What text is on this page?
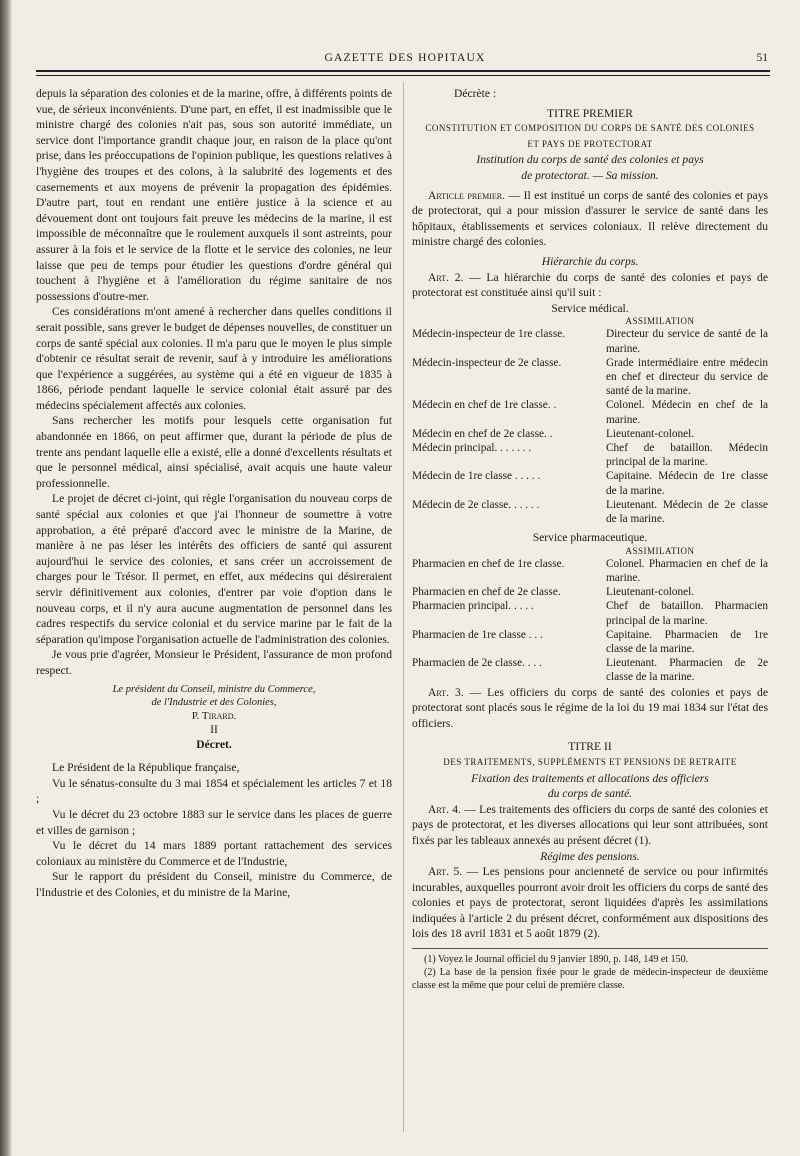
GAZETTE DES HOPITAUX	51

depuis la séparation des colonies et de la marine, offre, à différents points de vue, de sérieux inconvénients. D'une part, en effet, il est inadmissible que le ministre chargé des colonies n'ait pas, sous son autorité immédiate, un service dont l'importance grandit chaque jour, en raison de la place qu'ont prise, dans les préoccupations de l'opinion publique, les questions relatives à l'hygiène des troupes et des colons, à la salubrité des logements et des casernements et aux moyens de prévenir la propagation des épidémies. D'autre part, tout en rendant une entière justice à la science et au dévouement dont ont toujours fait preuve les médecins de la marine, il est impossible de méconnaître que le roulement auxquels il sont astreints, pour assurer à la fois et le service de la flotte et le service des colonies, ne leur laisse que peu de temps pour étudier les questions d'ordre général qui touchent à l'hygiène et à l'amélioration du régime sanitaire de nos possessions d'outre-mer.

Ces considérations m'ont amené à rechercher dans quelles conditions il serait possible, sans grever le budget de dépenses nouvelles, de constituer un corps de santé spécial aux colonies. Il m'a paru que le moyen le plus simple d'obtenir ce résultat serait de revenir, sauf à y introduire les améliorations que l'expérience a suggérées, au système qui a été en vigueur de 1835 à 1866, période pendant laquelle le service colonial était assuré par des médecins spécialement affectés aux colonies.

Sans rechercher les motifs pour lesquels cette organisation fut abandonnée en 1866, on peut affirmer que, durant la période de plus de trente ans pendant laquelle elle a existé, elle a donné d'excellents résultats et que le personnel médical, ainsi spécialisé, avait acquis une haute valeur professionnelle.

Le projet de décret ci-joint, qui règle l'organisation du nouveau corps de santé spécial aux colonies et que j'ai l'honneur de soumettre à votre approbation, a été préparé d'accord avec le ministre de la Marine, de manière à ne pas léser les intérêts des officiers de santé qui assurent aujourd'hui le service des colonies, et sans créer un accroissement de charges pour le Trésor. Il permet, en effet, aux médecins qui désireraient servir définitivement aux colonies, d'entrer par voie d'option dans le nouveau corps, et il n'y aura aucune augmentation de personnel dans les cadres respectifs du service colonial et du service marine par le fait de la séparation qu'impose l'organisation actuelle de l'administration des colonies.

Je vous prie d'agréer, Monsieur le Président, l'assurance de mon profond respect.

Le président du Conseil, ministre du Commerce,

de l'Industrie et des Colonies,

P. Tirard.

II

Décret.

Le Président de la République française,

Vu le sénatus-consulte du 3 mai 1854 et spécialement les articles 7 et 18 ;

Vu le décret du 23 octobre 1883 sur le service dans les places de guerre et villes de garnison ;

Vu le décret du 14 mars 1889 portant rattachement des services coloniaux au ministère du Commerce et de l'Industrie,

Sur le rapport du président du Conseil, ministre du Commerce, de l'Industrie et des Colonies, et du ministre de la Marine,

Décrète :

TITRE PREMIER

CONSTITUTION ET COMPOSITION DU CORPS DE SANTÉ DES COLONIES

ET PAYS DE PROTECTORAT

Institution du corps de santé des colonies et pays

de protectorat. — Sa mission.

Article premier. — Il est institué un corps de santé des colonies et pays de protectorat, qui a pour mission d'assurer le service de santé dans les hôpitaux, établissements et services coloniaux. Il relève directement du ministre chargé des colonies.

Hiérarchie du corps.

Art. 2. — La hiérarchie du corps de santé des colonies et pays de protectorat est constituée ainsi qu'il suit :

Service médical.

ASSIMILATION

Médecin-inspecteur de 1re classe.	Directeur du service de santé de la marine.
Médecin-inspecteur de 2e classe.	Grade intermédiaire entre médecin en chef et directeur du service de santé de la marine.
Médecin en chef de 1re classe. .	Colonel. Médecin en chef de la marine.
Médecin en chef de 2e classe. .	Lieutenant-colonel.
Médecin principal. . . . . . .	Chef de bataillon. Médecin principal de la marine.
Médecin de 1re classe . . . . .	Capitaine. Médecin de 1re classe de la marine.
Médecin de 2e classe. . . . . .	Lieutenant. Médecin de 2e classe de la marine.

Service pharmaceutique.

ASSIMILATION

Pharmacien en chef de 1re classe.	Colonel. Pharmacien en chef de la marine.
Pharmacien en chef de 2e classe.	Lieutenant-colonel.
Pharmacien principal. . . . .	Chef de bataillon. Pharmacien principal de la marine.
Pharmacien de 1re classe . . .	Capitaine. Pharmacien de 1re classe de la marine.
Pharmacien de 2e classe. . . .	Lieutenant. Pharmacien de 2e classe de la marine.

Art. 3. — Les officiers du corps de santé des colonies et pays de protectorat sont placés sous le régime de la loi du 19 mai 1834 sur l'état des officiers.

TITRE II

DES TRAITEMENTS, SUPPLÉMENTS ET PENSIONS DE RETRAITE

Fixation des traitements et allocations des officiers

du corps de santé.

Art. 4. — Les traitements des officiers du corps de santé des colonies et pays de protectorat, et les diverses allocations qui leur sont attribuées, sont fixés par les tableaux annexés au présent décret (1).

Régime des pensions.

Art. 5. — Les pensions pour ancienneté de service ou pour infirmités incurables, auxquelles pourront avoir droit les officiers du corps de santé des colonies et pays de protectorat, seront liquidées d'après les assimilations indiquées à l'article 2 du présent décret, conformément aux dispositions des lois des 18 avril 1831 et 5 août 1879 (2).

(1) Voyez le Journal officiel du 9 janvier 1890, p. 148, 149 et 150.

(2) La base de la pension fixée pour le grade de médecin-inspecteur de deuxième classe est la même que pour celui de première classe.
